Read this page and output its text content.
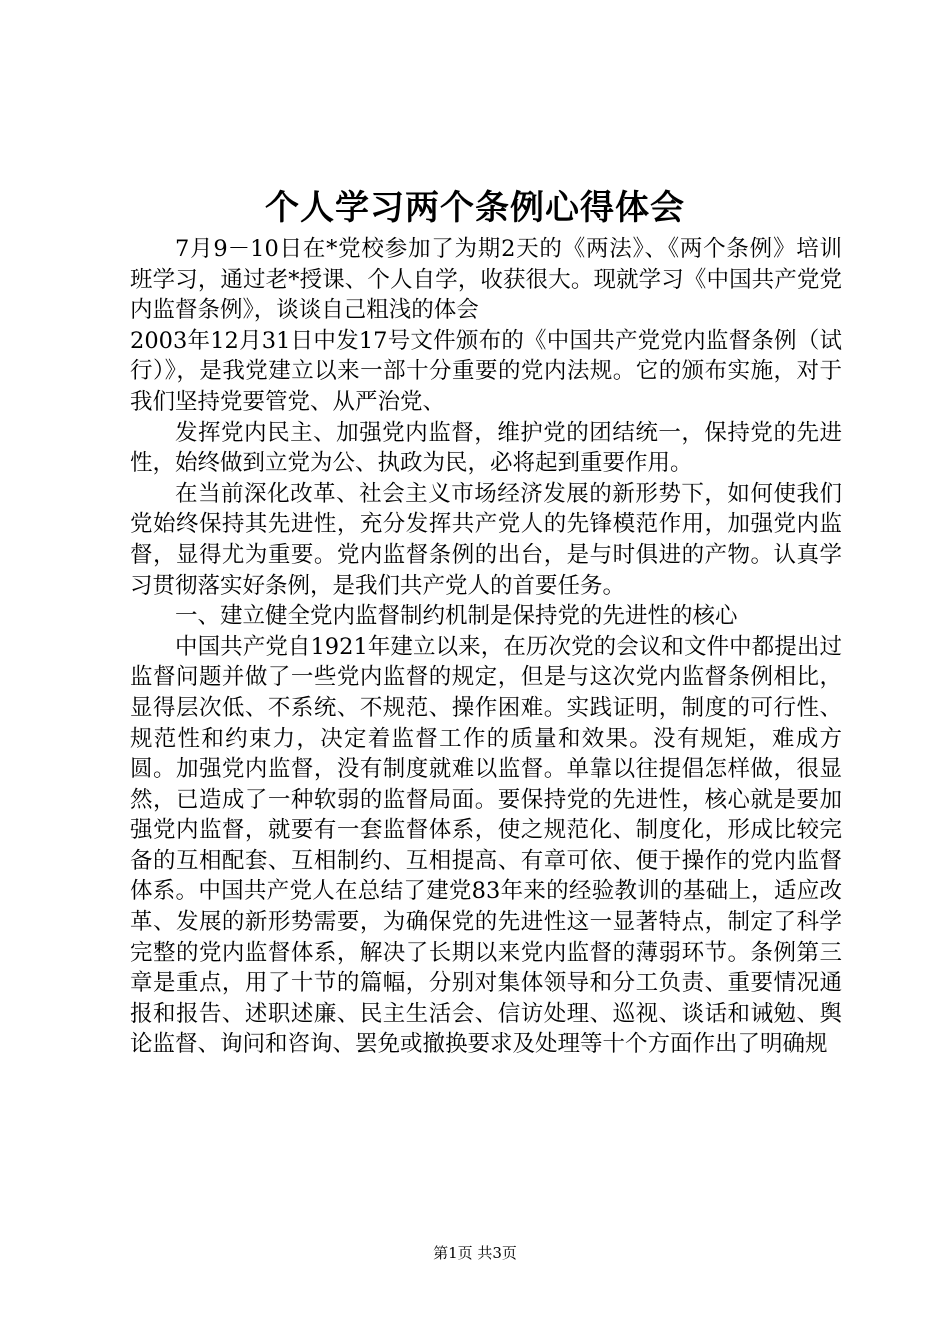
个人学习两个条例心得体会

7月9－10日在*党校参加了为期2天的《两法》、《两个条例》培训班学习，通过老*授课、个人自学，收获很大。现就学习《中国共产党党内监督条例》，谈谈自己粗浅的体会

2003年12月31日中发17号文件颁布的《中国共产党党内监督条例（试行）》，是我党建立以来一部十分重要的党内法规。它的颁布实施，对于我们坚持党要管党、从严治党、

发挥党内民主、加强党内监督，维护党的团结统一，保持党的先进性，始终做到立党为公、执政为民，必将起到重要作用。

在当前深化改革、社会主义市场经济发展的新形势下，如何使我们党始终保持其先进性，充分发挥共产党人的先锋模范作用，加强党内监督，显得尤为重要。党内监督条例的出台，是与时俱进的产物。认真学习贯彻落实好条例，是我们共产党人的首要任务。

一、建立健全党内监督制约机制是保持党的先进性的核心

中国共产党自1921年建立以来，在历次党的会议和文件中都提出过监督问题并做了一些党内监督的规定，但是与这次党内监督条例相比，显得层次低、不系统、不规范、操作困难。实践证明，制度的可行性、规范性和约束力，决定着监督工作的质量和效果。没有规矩，难成方圆。加强党内监督，没有制度就难以监督。单靠以往提倡怎样做，很显然，已造成了一种软弱的监督局面。要保持党的先进性，核心就是要加强党内监督，就要有一套监督体系，使之规范化、制度化，形成比较完备的互相配套、互相制约、互相提高、有章可依、便于操作的党内监督体系。中国共产党人在总结了建党83年来的经验教训的基础上，适应改革、发展的新形势需要，为确保党的先进性这一显著特点，制定了科学完整的党内监督体系，解决了长期以来党内监督的薄弱环节。条例第三章是重点，用了十节的篇幅，分别对集体领导和分工负责、重要情况通报和报告、述职述廉、民主生活会、信访处理、巡视、谈话和诫勉、舆论监督、询问和咨询、罢免或撤换要求及处理等十个方面作出了明确规

第1页 共3页
